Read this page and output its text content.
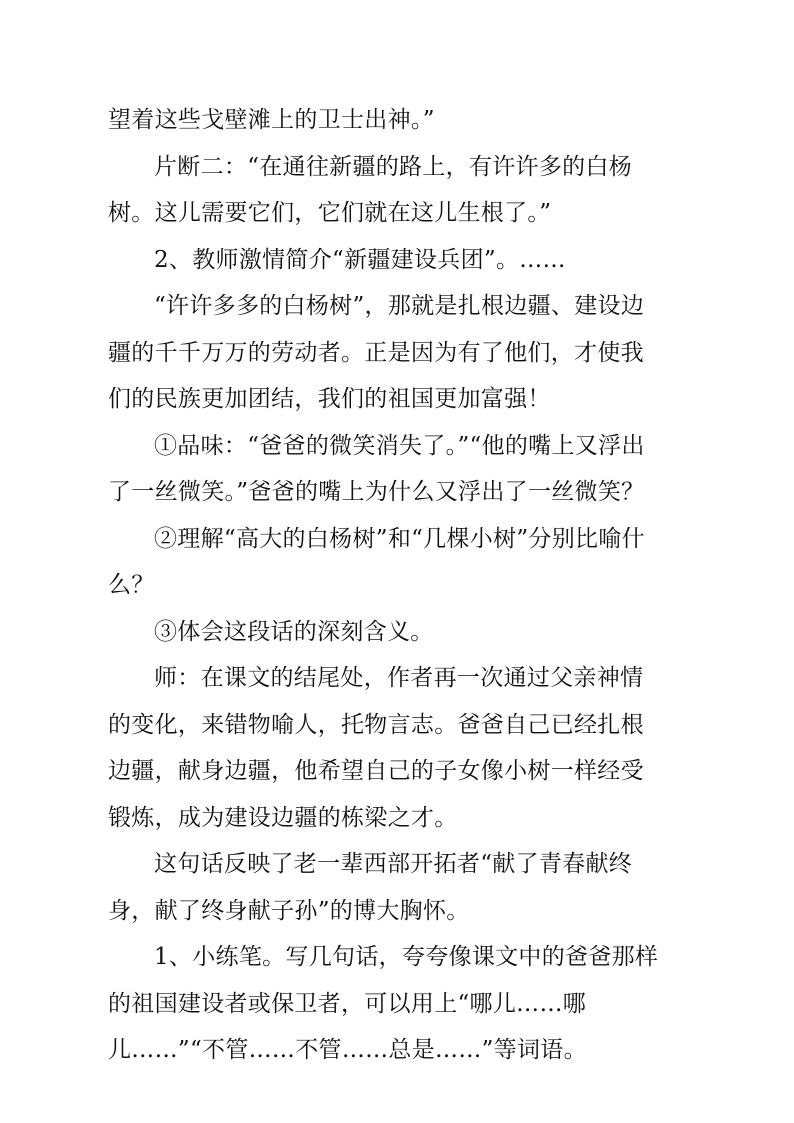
望着这些戈壁滩上的卫士出神。”

片断二：“在通往新疆的路上，有许许多的白杨树。这儿需要它们，它们就在这儿生根了。”

2、教师激情简介“新疆建设兵团”。……

“许许多多的白杨树”，那就是扎根边疆、建设边疆的千千万万的劳动者。正是因为有了他们，才使我们的民族更加团结，我们的祖国更加富强！

①品味：“爸爸的微笑消失了。”“他的嘴上又浮出了一丝微笑。”爸爸的嘴上为什么又浮出了一丝微笑？

②理解“高大的白杨树”和“几棵小树”分别比喻什么？

③体会这段话的深刻含义。

师：在课文的结尾处，作者再一次通过父亲神情的变化，来错物喻人，托物言志。爸爸自己已经扎根边疆，献身边疆，他希望自己的子女像小树一样经受锻炼，成为建设边疆的栋梁之才。

这句话反映了老一辈西部开拓者“献了青春献终身，献了终身献子孙”的博大胸怀。

1、小练笔。写几句话，夸夸像课文中的爸爸那样的祖国建设者或保卫者，可以用上“哪儿……哪儿……”“不管……不管……总是……”等词语。
